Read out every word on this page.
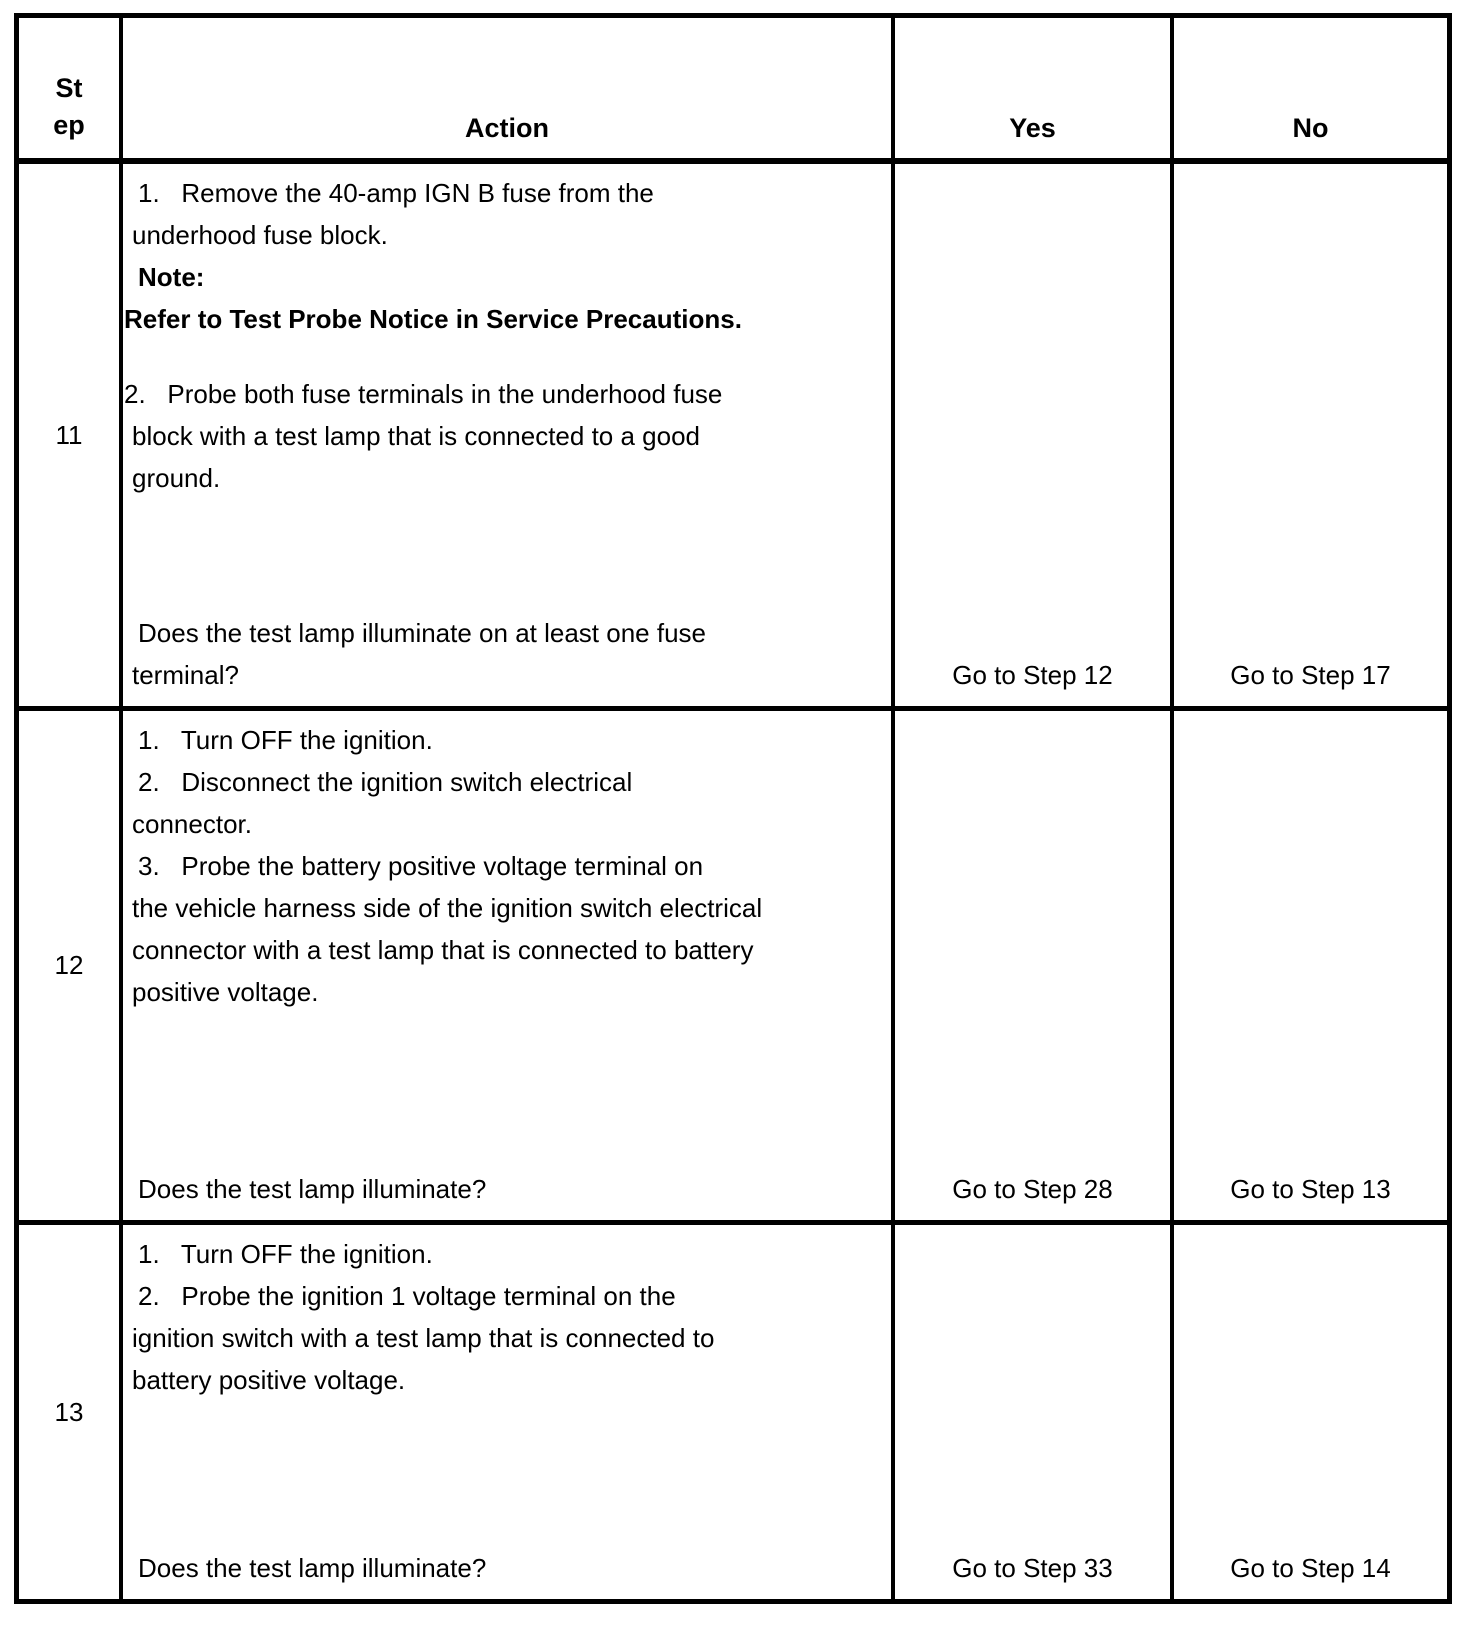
St
ep	Action	Yes	No
11
1.   Remove the 40-amp IGN B fuse from the
underhood fuse block.
Note:
Refer to Test Probe Notice in Service Precautions.
2.   Probe both fuse terminals in the underhood fuse
block with a test lamp that is connected to a good
ground.
Does the test lamp illuminate on at least one fuse
terminal?	Go to Step 12	Go to Step 17
12
1.   Turn OFF the ignition.
2.   Disconnect the ignition switch electrical
connector.
3.   Probe the battery positive voltage terminal on
the vehicle harness side of the ignition switch electrical
connector with a test lamp that is connected to battery
positive voltage.
Does the test lamp illuminate?	Go to Step 28	Go to Step 13
13
1.   Turn OFF the ignition.
2.   Probe the ignition 1 voltage terminal on the
ignition switch with a test lamp that is connected to
battery positive voltage.
Does the test lamp illuminate?	Go to Step 33	Go to Step 14
